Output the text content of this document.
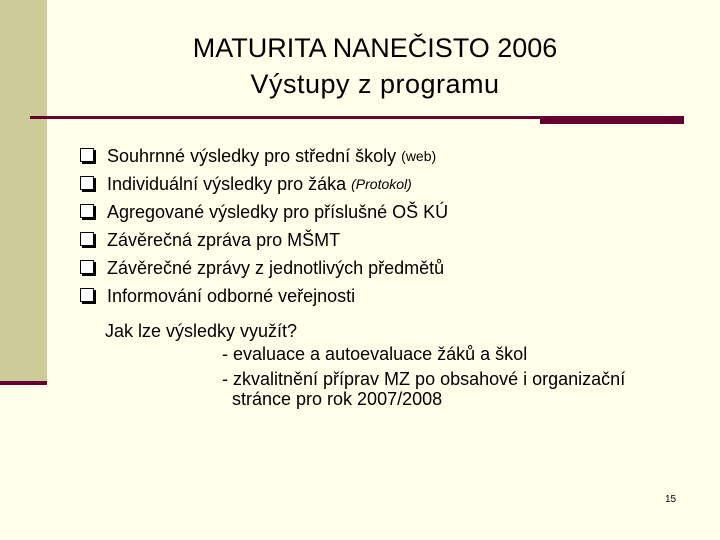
MATURITA NANEČISTO 2006
Výstupy z programu
Souhrnné výsledky pro střední školy (web)
Individuální výsledky pro žáka (Protokol)
Agregované výsledky pro příslušné OŠ KÚ
Závěrečná zpráva pro MŠMT
Závěrečné zprávy z jednotlivých předmětů
Informování odborné veřejnosti
Jak lze výsledky využít?
- evaluace a autoevaluace žáků a škol
- zkvalitnění příprav MZ po obsahové i organizační
stránce pro rok 2007/2008
15
